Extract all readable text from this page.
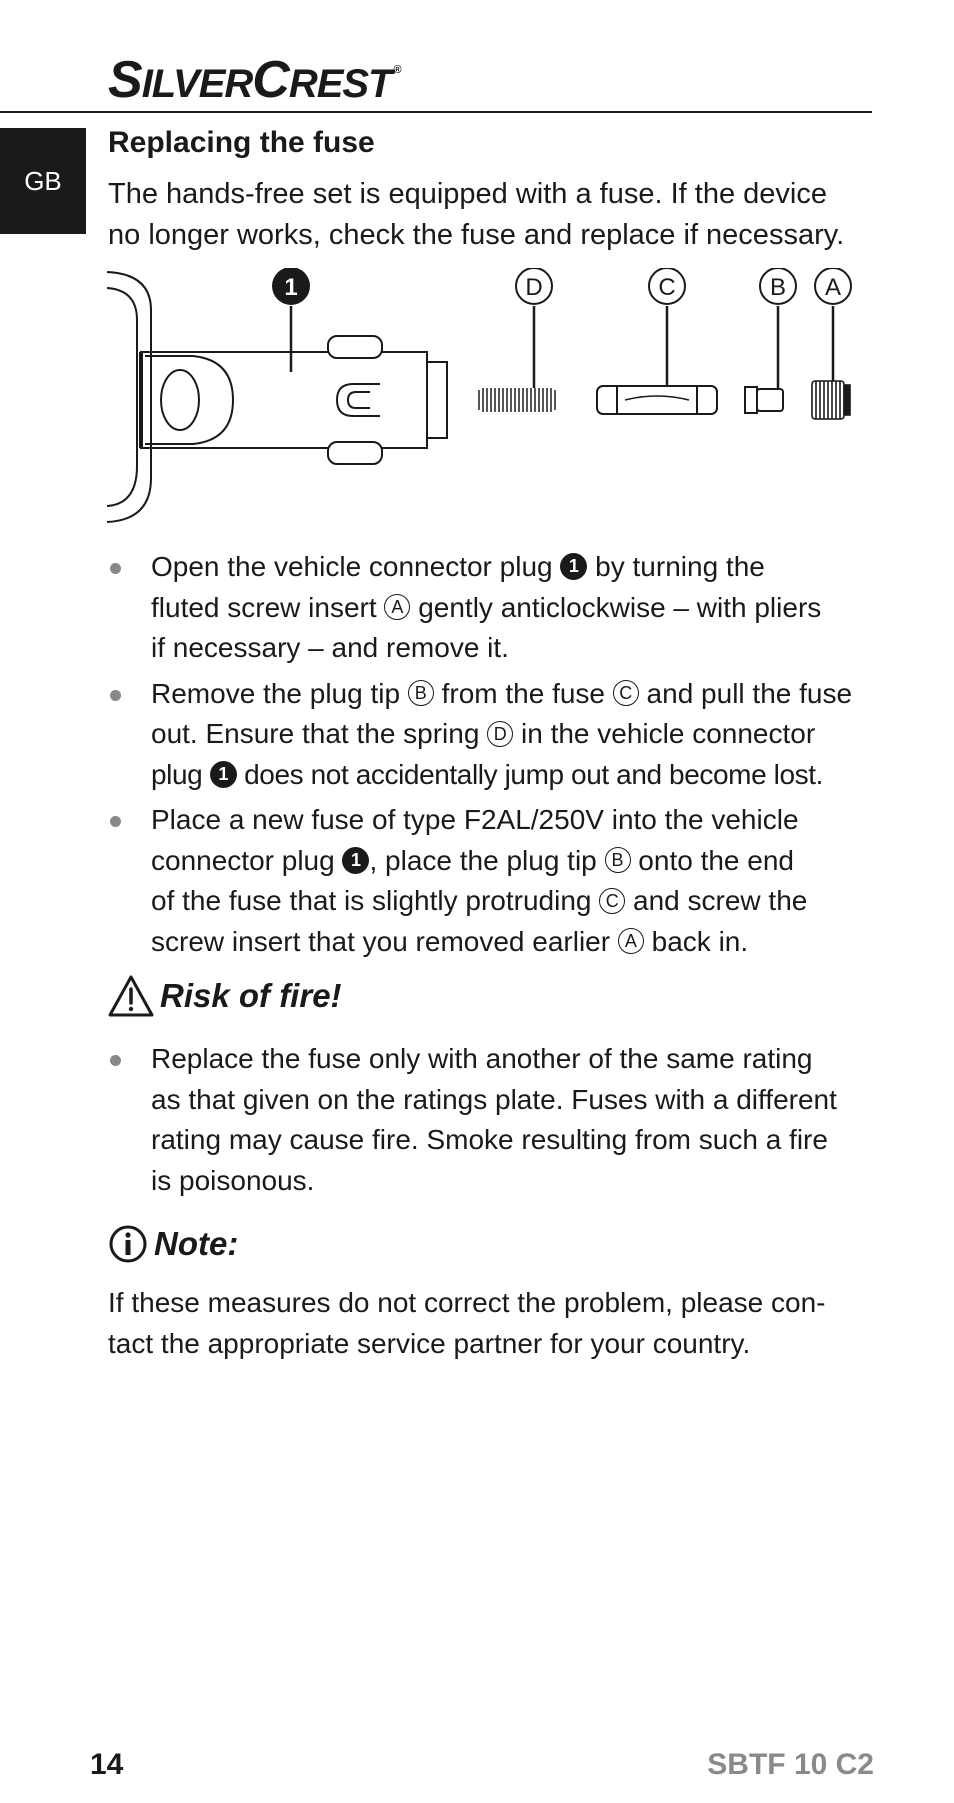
SILVERCREST ®
GB
Replacing the fuse

The hands-free set is equipped with a fuse. If the device

no longer works, check the fuse and replace if necessary.

1	D	C	B A
Open the vehicle connector plug 1 by turning the
fluted screw insert A gently anticlockwise – with pliers
if necessary – and remove it.
Remove the plug tip B from the fuse C and pull the fuse
out. Ensure that the spring D in the vehicle connector
plug 1 does not accidentally jump out and become lost.
Place a new fuse of type F2AL/250V into the vehicle
connector plug 1 , place the plug tip B onto the end
of the fuse that is slightly protruding C and screw the
screw insert that you removed earlier A back in.
Risk of fire!
Replace the fuse only with another of the same rating
as that given on the ratings plate. Fuses with a different
rating may cause fire. Smoke resulting from such a fire
is poisonous.
Note:

If these measures do not correct the problem, please con-

tact the appropriate service partner for your country.

14	SBTF 10 C2
